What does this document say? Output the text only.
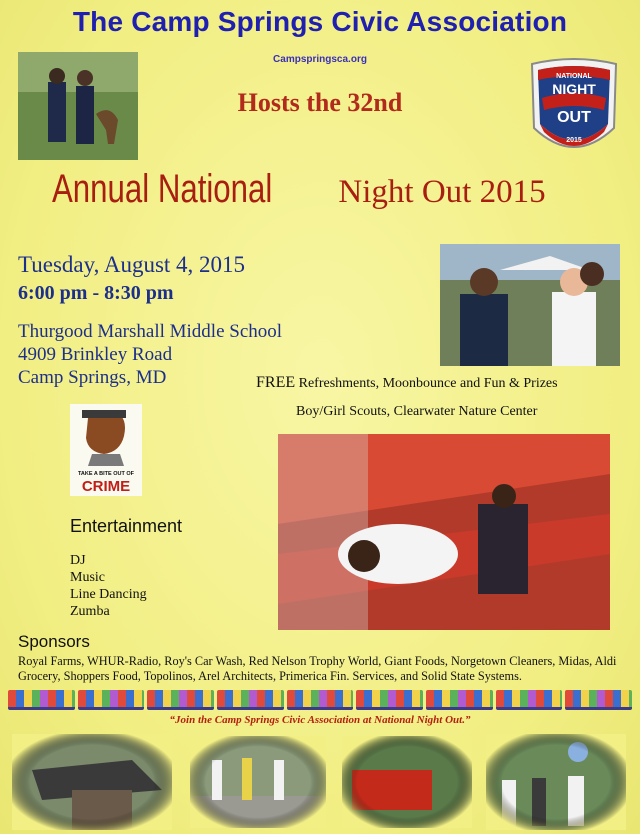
The Camp Springs Civic Association
Campspringsca.org
Hosts the 32nd
NATIONAL
NIGHT
OUT
2015
Annual National Night Out 2015
Tuesday, August 4, 2015
6:00 pm - 8:30 pm
Thurgood Marshall Middle School
4909 Brinkley Road
Camp Springs, MD	FREE Refreshments, Moonbounce and Fun & Prizes
Boy/Girl Scouts, Clearwater Nature Center
TAKE A BITE OUT OF
CRIME
Entertainment
DJ
Music
Line Dancing
Zumba
Sponsors
Royal Farms, WHUR-Radio, Roy's Car Wash, Red Nelson Trophy World, Giant Foods, Norgetown Cleaners, Midas, Aldi Grocery, Shoppers Food, Topolinos, Arel Architects, Primerica Fin. Services, and Solid State Systems.
“Join the Camp Springs Civic Association at National Night Out.”
